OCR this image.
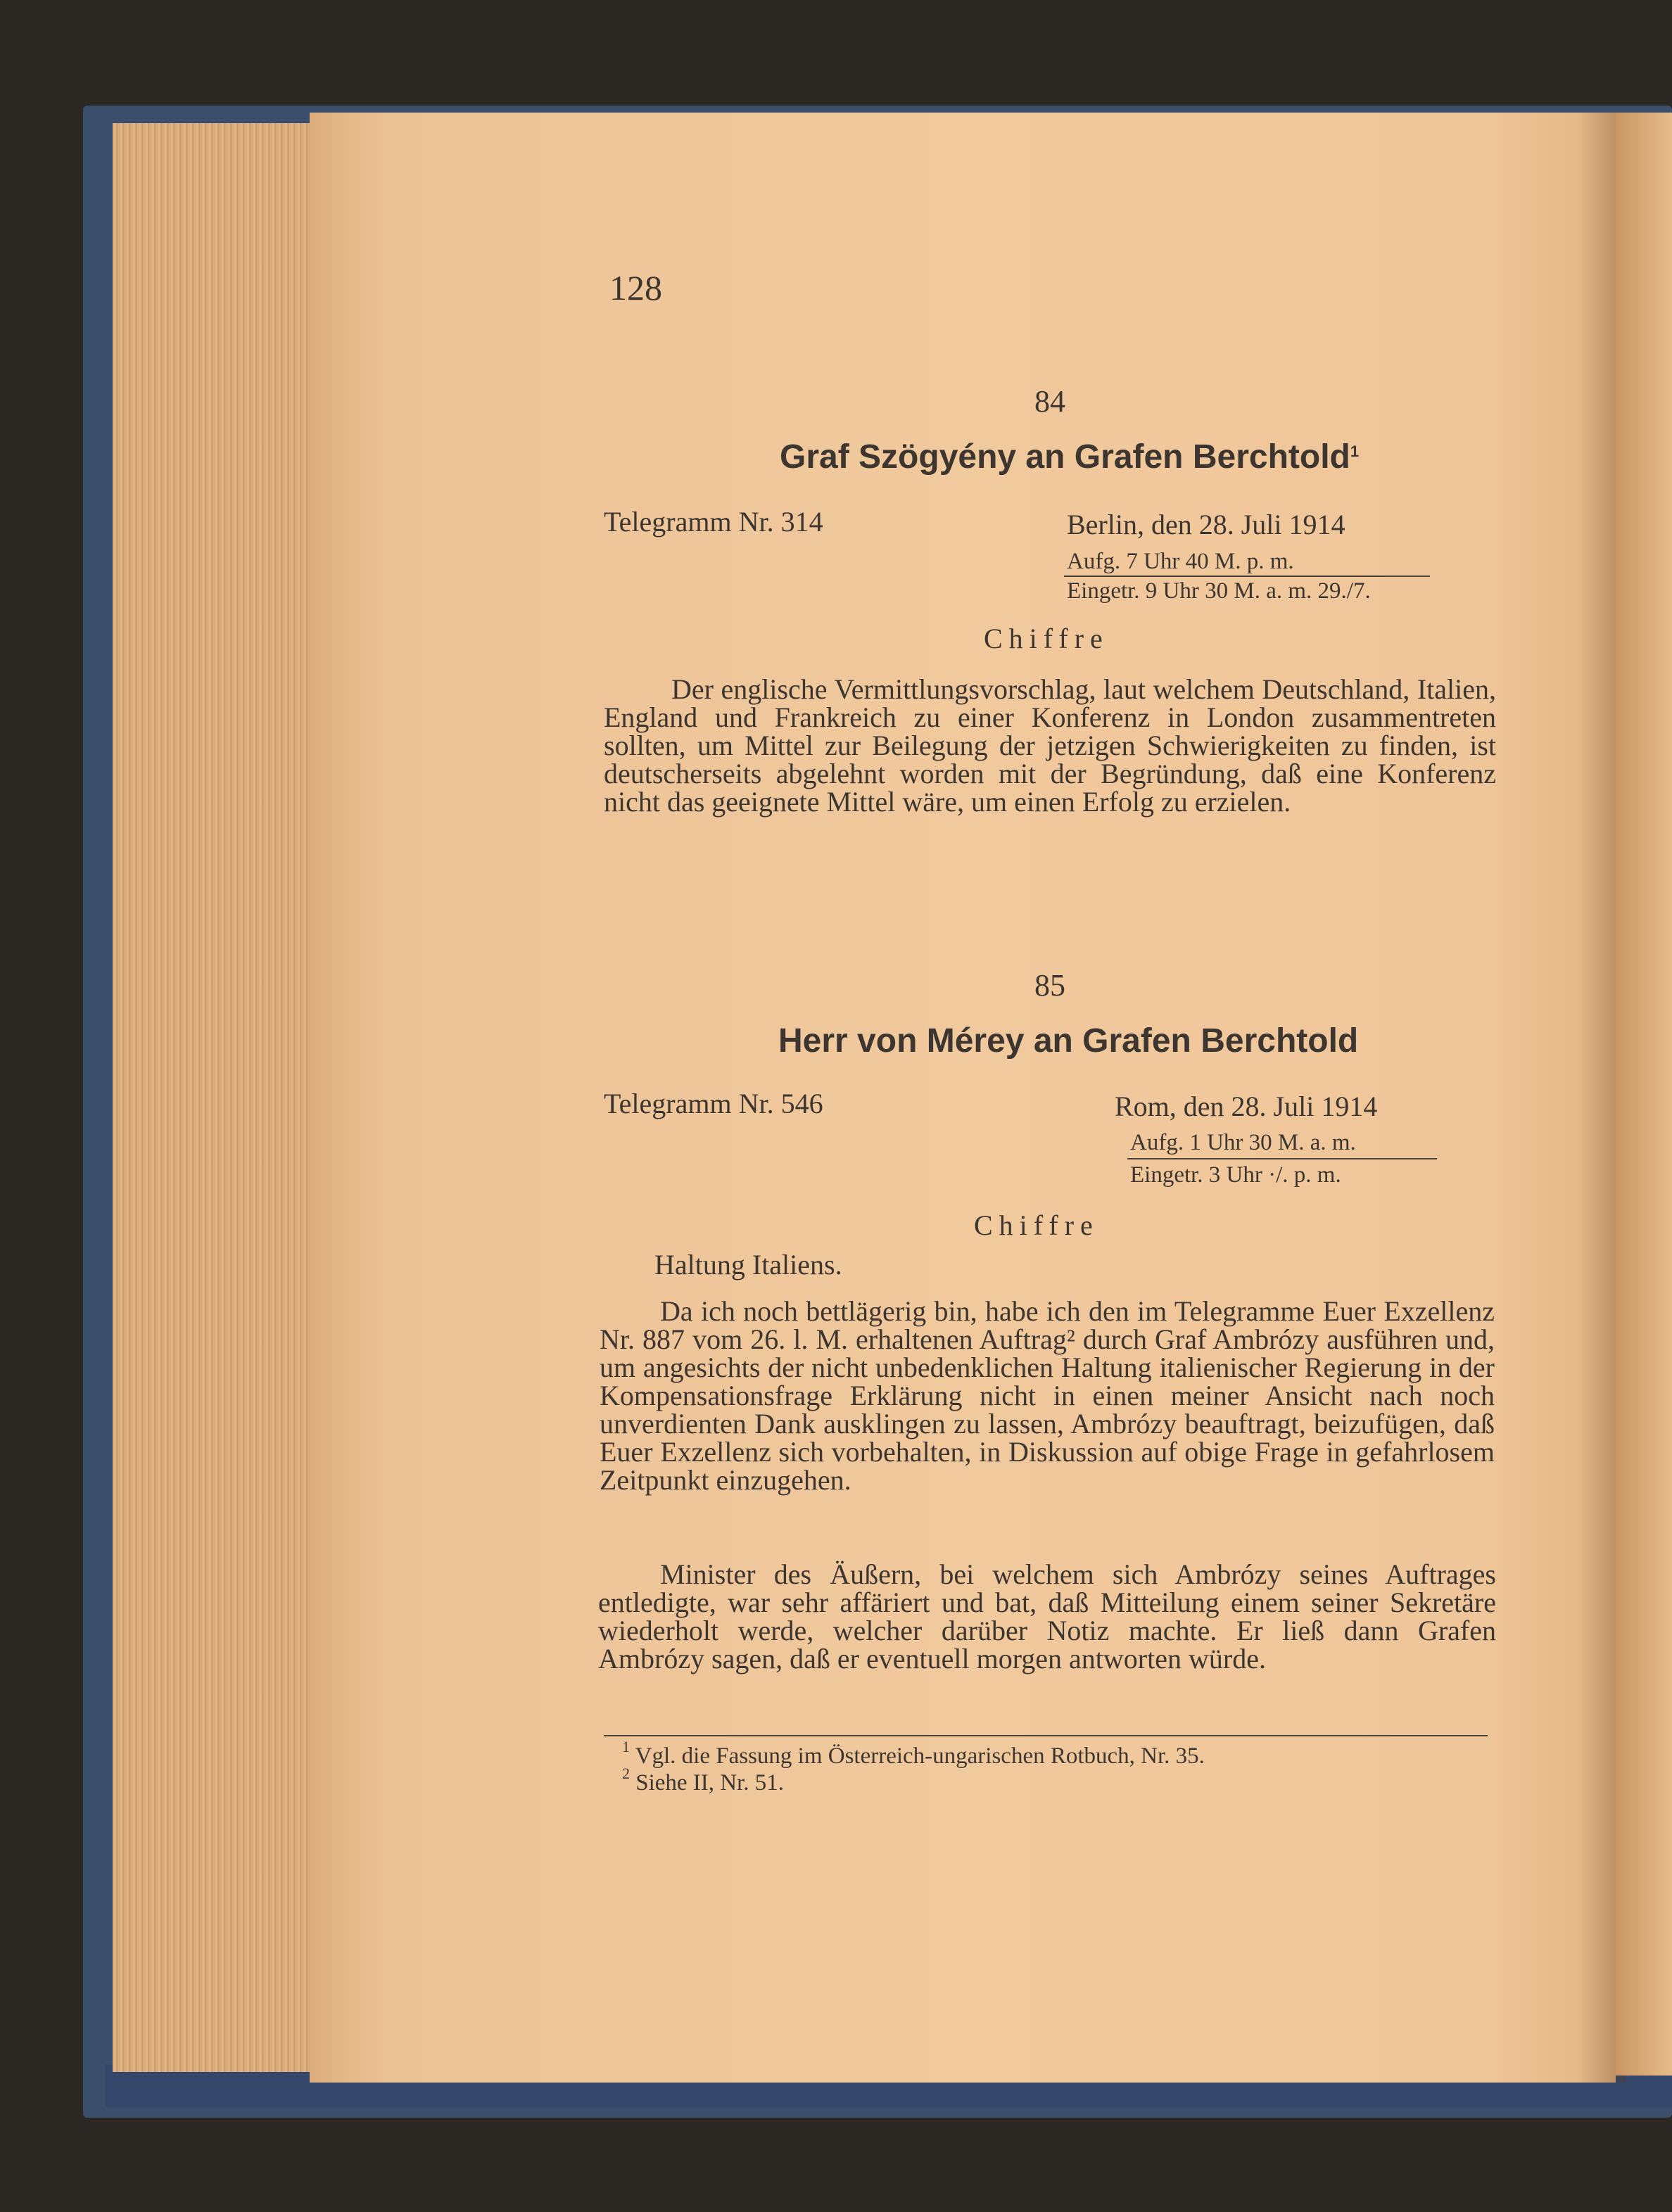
128
84
Graf Szögyény an Grafen Berchtold$^1$
Telegramm Nr. 314	Berlin, den 28. Juli 1914
Aufg. 7 Uhr 40 M. p. m.
Eingetr. 9 Uhr 30 M. a. m. 29./7.
Chiffre

Der englische Vermittlungsvorschlag, laut welchem Deutschland, Italien, England und Frankreich zu einer Konferenz in London zusammentreten sollten, um Mittel zur Beilegung der jetzigen Schwierigkeiten zu finden, ist deutscherseits abgelehnt worden mit der Begründung, daß eine Konferenz nicht das geeignete Mittel wäre, um einen Erfolg zu erzielen.

85
Herr von Mérey an Grafen Berchtold
Telegramm Nr. 546	Rom, den 28. Juli 1914
Aufg. 1 Uhr 30 M. a. m.
Eingetr. 3 Uhr ·/. p. m.
Chiffre
Haltung Italiens.

Da ich noch bettlägerig bin, habe ich den im Telegramme Euer Exzellenz Nr. 887 vom 26. l. M. erhaltenen Auftrag² durch Graf Ambrózy ausführen und, um angesichts der nicht unbedenklichen Haltung italienischer Regierung in der Kompensationsfrage Erklärung nicht in einen meiner Ansicht nach noch unverdienten Dank ausklingen zu lassen, Ambrózy beauftragt, beizufügen, daß Euer Exzellenz sich vorbehalten, in Diskussion auf obige Frage in gefahrlosem Zeitpunkt einzugehen.

Minister des Äußern, bei welchem sich Ambrózy seines Auftrages entledigte, war sehr affäriert und bat, daß Mitteilung einem seiner Sekretäre wiederholt werde, welcher darüber Notiz machte. Er ließ dann Grafen Ambrózy sagen, daß er eventuell morgen antworten würde.

$^1$ Vgl. die Fassung im Österreich-ungarischen Rotbuch, Nr. 35.
$^2$ Siehe II, Nr. 51.
